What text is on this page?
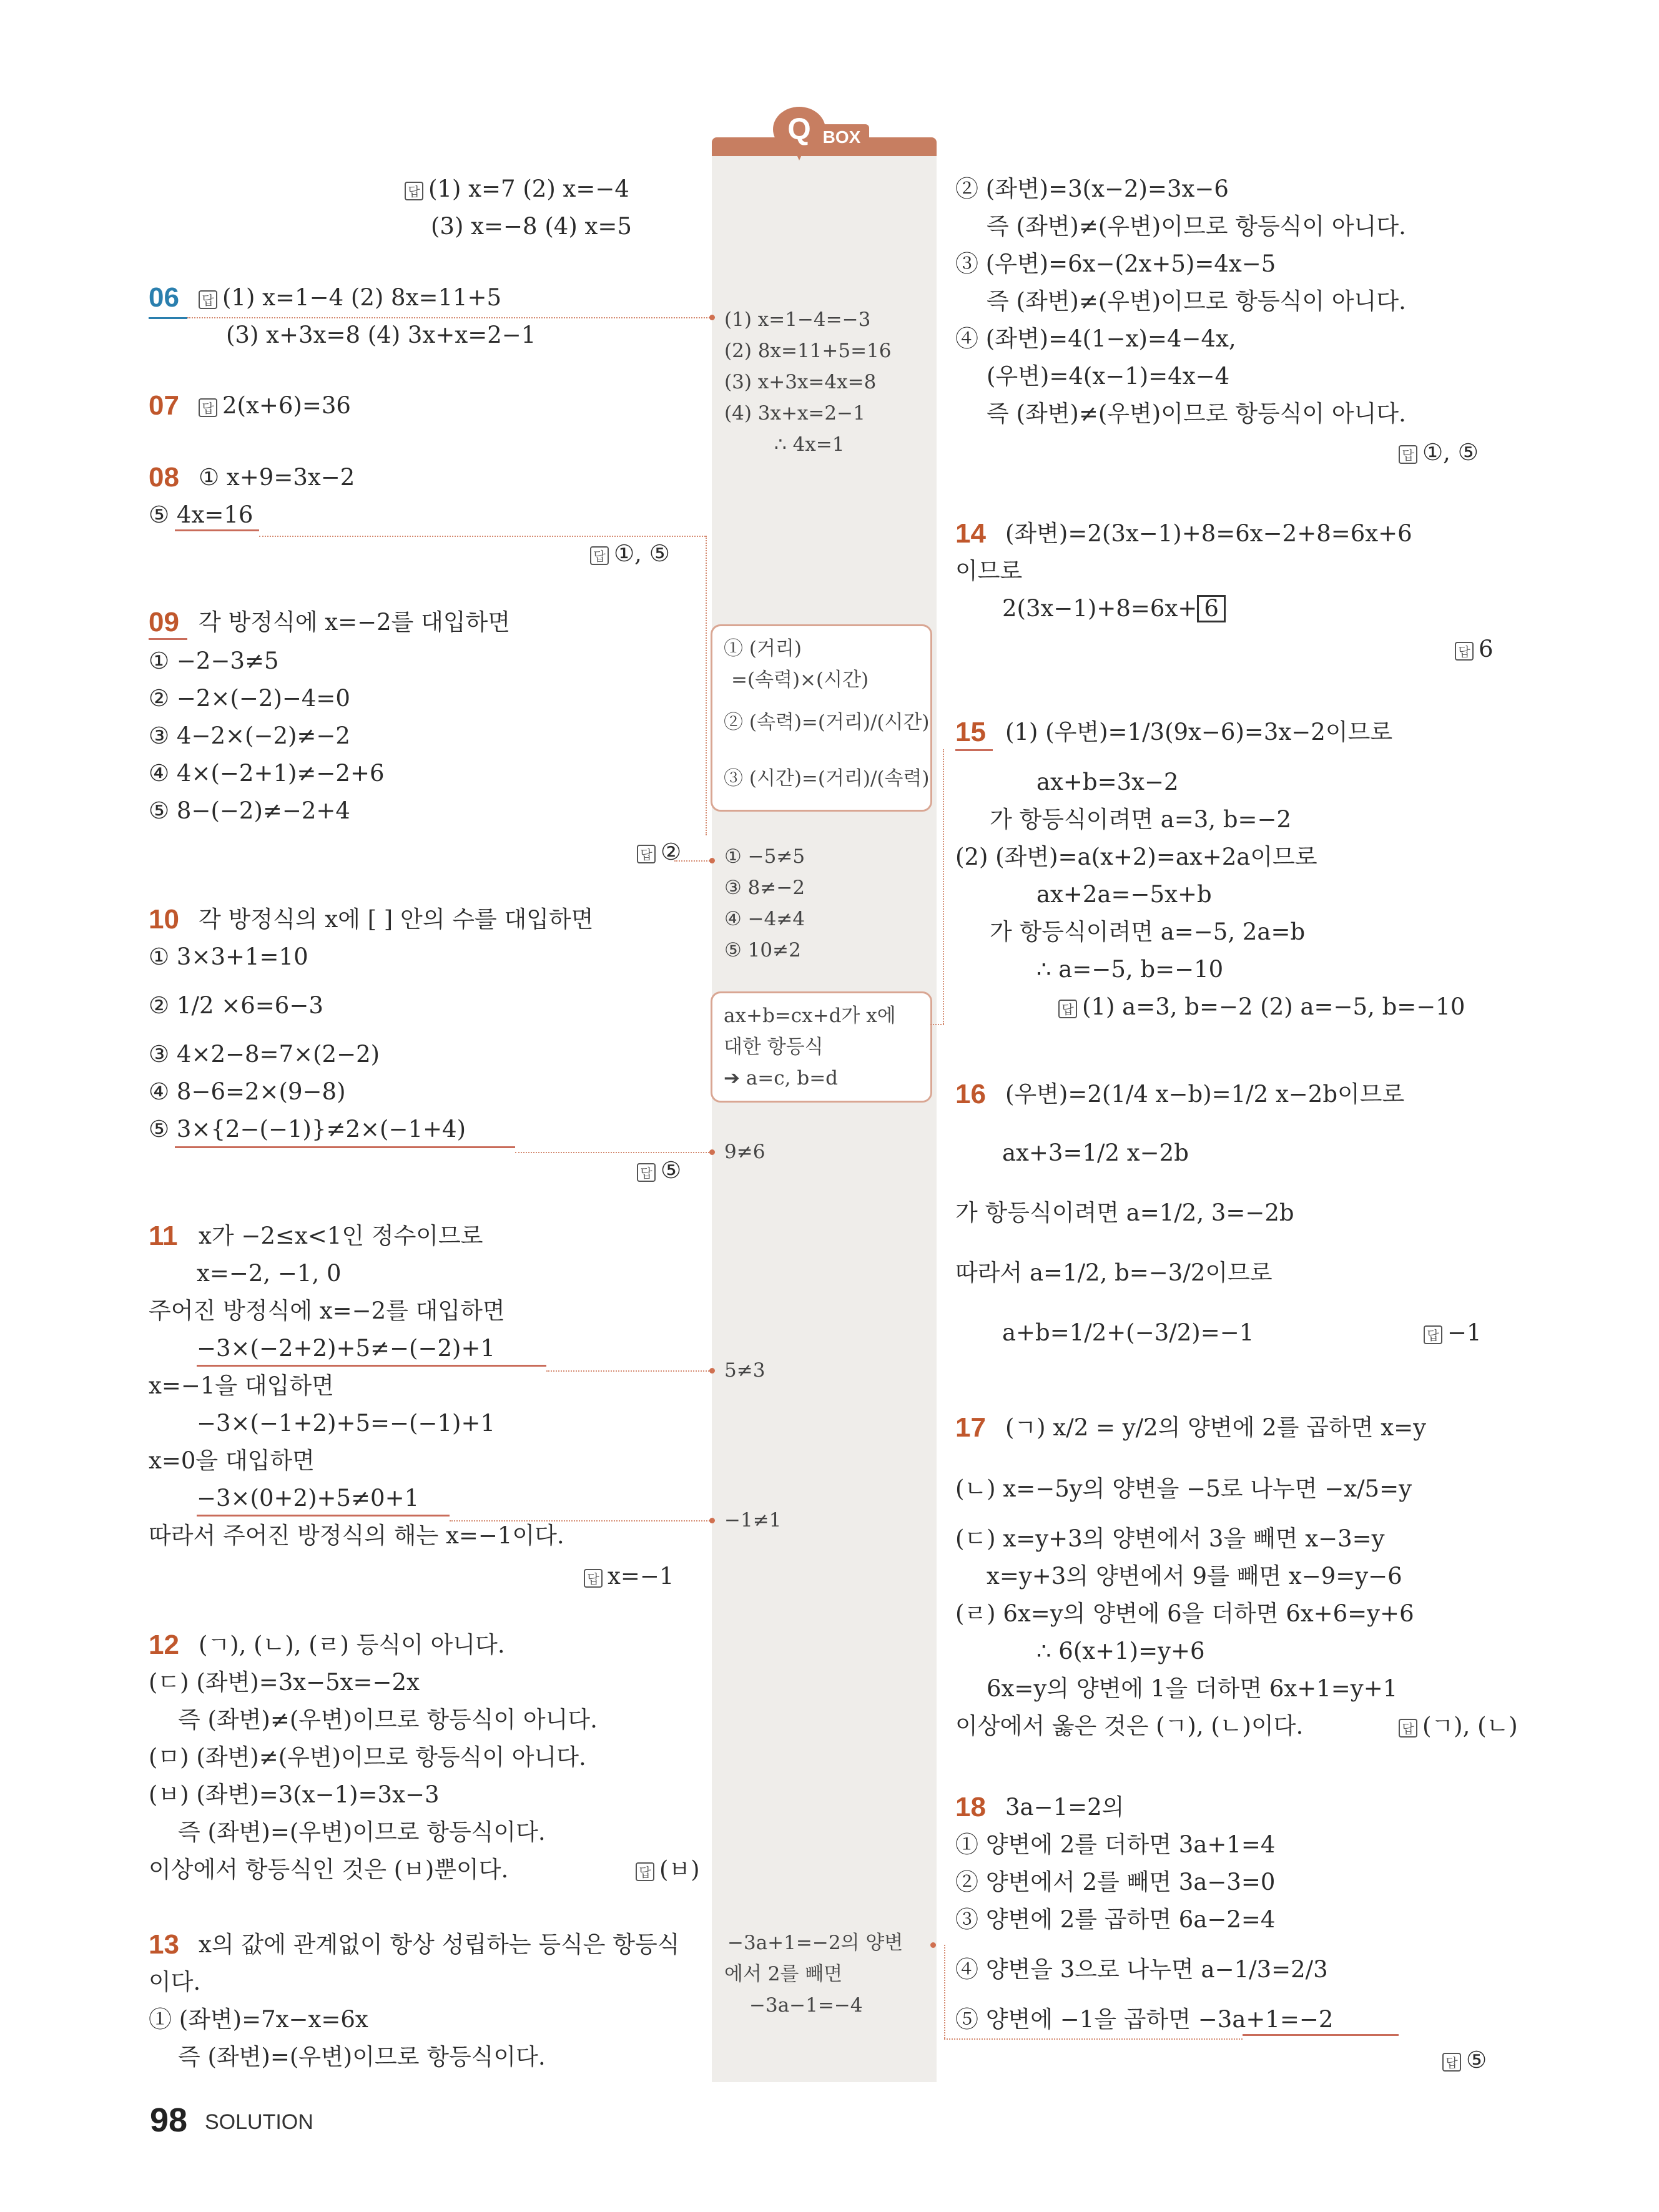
Q BOX
답 (1) x=7 (2) x=−4
(3) x=−8 (4) x=5
06 답 (1) x=1−4 (2) 8x=11+5
(3) x+3x=8 (4) 3x+x=2−1
07 답 2(x+6)=36
08 ① x+9=3x−2
⑤ 4x=16
답 ①, ⑤
09 각 방정식에 x=−2를 대입하면
① −2−3≠5
② −2×(−2)−4=0
③ 4−2×(−2)≠−2
④ 4×(−2+1)≠−2+6
⑤ 8−(−2)≠−2+4
답 ②
10 각 방정식의 x에 [ ] 안의 수를 대입하면
① 3×3+1=10
② 1/2 ×6=6−3
③ 4×2−8=7×(2−2)
④ 8−6=2×(9−8)
⑤ 3×{2−(−1)}≠2×(−1+4)
답 ⑤
11 x가 −2≤x<1인 정수이므로
x=−2, −1, 0
주어진 방정식에 x=−2를 대입하면
−3×(−2+2)+5≠−(−2)+1
x=−1을 대입하면
−3×(−1+2)+5=−(−1)+1
x=0을 대입하면
−3×(0+2)+5≠0+1
따라서 주어진 방정식의 해는 x=−1이다.
답 x=−1
12 (ㄱ), (ㄴ), (ㄹ) 등식이 아니다.
(ㄷ) (좌변)=3x−5x=−2x
즉 (좌변)≠(우변)이므로 항등식이 아니다.
(ㅁ) (좌변)≠(우변)이므로 항등식이 아니다.
(ㅂ) (좌변)=3(x−1)=3x−3
즉 (좌변)=(우변)이므로 항등식이다.
이상에서 항등식인 것은 (ㅂ)뿐이다.	답 (ㅂ)
13 x의 값에 관계없이 항상 성립하는 등식은 항등식
이다.
① (좌변)=7x−x=6x
즉 (좌변)=(우변)이므로 항등식이다.
(1) x=1−4=−3
(2) 8x=11+5=16
(3) x+3x=4x=8
(4) 3x+x=2−1
∴ 4x=1
① (거리)
=(속력)×(시간)
② (속력)=(거리)/(시간)
③ (시간)=(거리)/(속력)
① −5≠5
③ 8≠−2
④ −4≠4
⑤ 10≠2
ax+b=cx+d가 x에
대한 항등식
➔ a=c, b=d
9≠6
5≠3
−1≠1
−3a+1=−2의 양변
에서 2를 빼면
−3a−1=−4
② (좌변)=3(x−2)=3x−6
즉 (좌변)≠(우변)이므로 항등식이 아니다.
③ (우변)=6x−(2x+5)=4x−5
즉 (좌변)≠(우변)이므로 항등식이 아니다.
④ (좌변)=4(1−x)=4−4x,
(우변)=4(x−1)=4x−4
즉 (좌변)≠(우변)이므로 항등식이 아니다.
답 ①, ⑤
14 (좌변)=2(3x−1)+8=6x−2+8=6x+6
이므로
2(3x−1)+8=6x+ 6
답 6
15 (1) (우변)=1/3(9x−6)=3x−2이므로
ax+b=3x−2
가 항등식이려면 a=3, b=−2
(2) (좌변)=a(x+2)=ax+2a이므로
ax+2a=−5x+b
가 항등식이려면 a=−5, 2a=b
∴ a=−5, b=−10
답 (1) a=3, b=−2 (2) a=−5, b=−10
16 (우변)=2(1/4 x−b)=1/2 x−2b이므로
ax+3=1/2 x−2b
가 항등식이려면 a=1/2, 3=−2b
따라서 a=1/2, b=−3/2이므로
a+b=1/2+(−3/2)=−1	답 −1
17 (ㄱ) x/2 = y/2의 양변에 2를 곱하면 x=y
(ㄴ) x=−5y의 양변을 −5로 나누면 −x/5=y
(ㄷ) x=y+3의 양변에서 3을 빼면 x−3=y
x=y+3의 양변에서 9를 빼면 x−9=y−6
(ㄹ) 6x=y의 양변에 6을 더하면 6x+6=y+6
∴ 6(x+1)=y+6
6x=y의 양변에 1을 더하면 6x+1=y+1
이상에서 옳은 것은 (ㄱ), (ㄴ)이다.	답 (ㄱ), (ㄴ)
18 3a−1=2의
① 양변에 2를 더하면 3a+1=4
② 양변에서 2를 빼면 3a−3=0
③ 양변에 2를 곱하면 6a−2=4
④ 양변을 3으로 나누면 a−1/3=2/3
⑤ 양변에 −1을 곱하면 −3a+1=−2
답 ⑤
98 SOLUTION
